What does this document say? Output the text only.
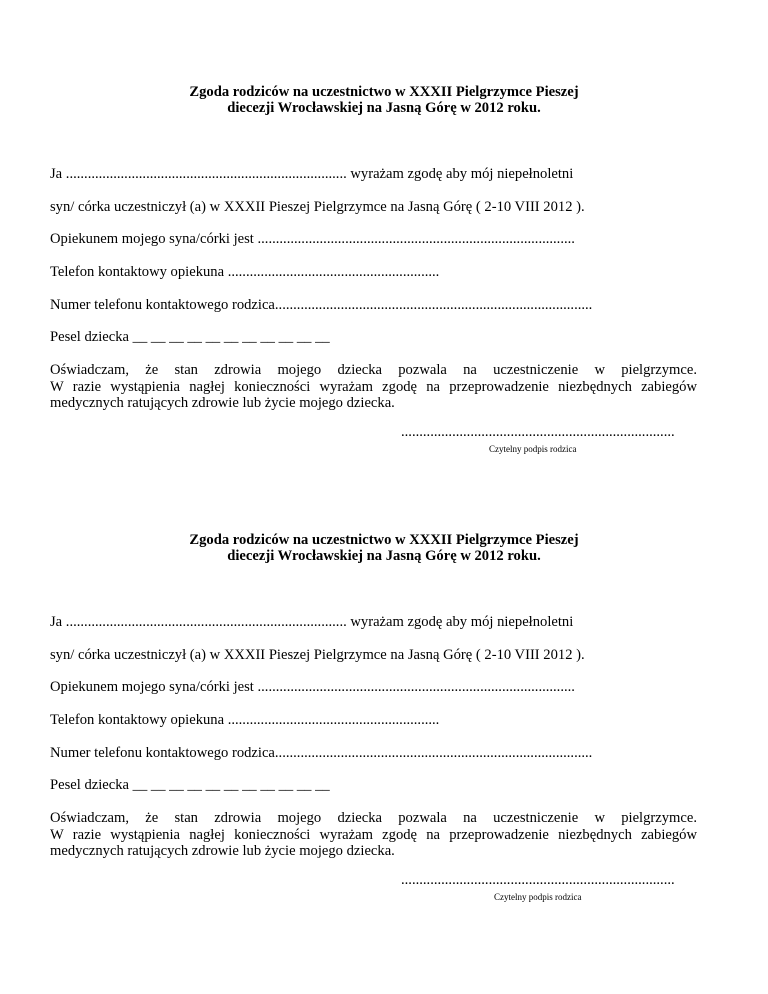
Zgoda rodziców na uczestnictwo w XXXII Pielgrzymce Pieszej
diecezji Wrocławskiej na Jasną Górę w 2012 roku.
Ja ............................................................................. wyrażam zgodę aby mój niepełnoletni
syn/ córka uczestniczył (a) w XXXII Pieszej Pielgrzymce na Jasną Górę ( 2-10 VIII 2012 ).
Opiekunem mojego syna/córki jest .......................................................................................
Telefon kontaktowy opiekuna ..........................................................
Numer telefonu kontaktowego rodzica.......................................................................................
Pesel dziecka __ __ __ __ __ __ __ __ __ __ __
Oświadczam, że stan zdrowia mojego dziecka pozwala na uczestniczenie w pielgrzymce.
W razie wystąpienia nagłej konieczności wyrażam zgodę na przeprowadzenie niezbędnych zabiegów
medycznych ratujących zdrowie lub życie mojego dziecka.
...........................................................................
Czytelny podpis rodzica
Zgoda rodziców na uczestnictwo w XXXII Pielgrzymce Pieszej
diecezji Wrocławskiej na Jasną Górę w 2012 roku.
Ja ............................................................................. wyrażam zgodę aby mój niepełnoletni
syn/ córka uczestniczył (a) w XXXII Pieszej Pielgrzymce na Jasną Górę ( 2-10 VIII 2012 ).
Opiekunem mojego syna/córki jest .......................................................................................
Telefon kontaktowy opiekuna ..........................................................
Numer telefonu kontaktowego rodzica.......................................................................................
Pesel dziecka __ __ __ __ __ __ __ __ __ __ __
Oświadczam, że stan zdrowia mojego dziecka pozwala na uczestniczenie w pielgrzymce.
W razie wystąpienia nagłej konieczności wyrażam zgodę na przeprowadzenie niezbędnych zabiegów
medycznych ratujących zdrowie lub życie mojego dziecka.
...........................................................................
Czytelny podpis rodzica
